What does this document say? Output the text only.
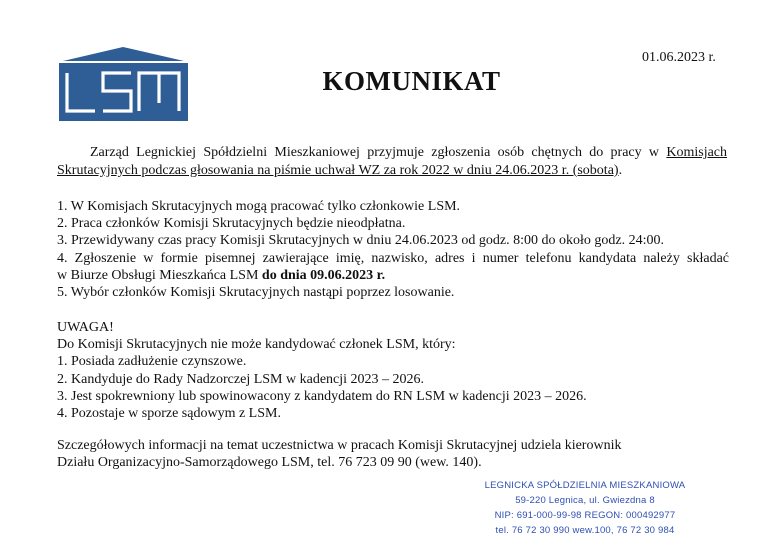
01.06.2023 r.
KOMUNIKAT
Zarząd Legnickiej Spółdzielni Mieszkaniowej przyjmuje zgłoszenia osób chętnych do pracy w Komisjach Skrutacyjnych podczas głosowania na piśmie uchwał WZ za rok 2022 w dniu 24.06.2023 r. (sobota).
1. W Komisjach Skrutacyjnych mogą pracować tylko członkowie LSM.
2. Praca członków Komisji Skrutacyjnych będzie nieodpłatna.
3. Przewidywany czas pracy Komisji Skrutacyjnych w dniu 24.06.2023 od godz. 8:00 do około godz. 24:00.
4. Zgłoszenie w formie pisemnej zawierające imię, nazwisko, adres i numer telefonu kandydata należy składać
w Biurze Obsługi Mieszkańca LSM do dnia 09.06.2023 r.
5. Wybór członków Komisji Skrutacyjnych nastąpi poprzez losowanie.
UWAGA!
Do Komisji Skrutacyjnych nie może kandydować członek LSM, który:
1. Posiada zadłużenie czynszowe.
2. Kandyduje do Rady Nadzorczej LSM w kadencji 2023 – 2026.
3. Jest spokrewniony lub spowinowacony z kandydatem do RN LSM w kadencji 2023 – 2026.
4. Pozostaje w sporze sądowym z LSM.
Szczegółowych informacji na temat uczestnictwa w pracach Komisji Skrutacyjnej udziela kierownik
Działu Organizacyjno-Samorządowego LSM, tel. 76 723 09 90 (wew. 140).
LEGNICKA SPÓŁDZIELNIA MIESZKANIOWA
59-220 Legnica, ul. Gwiezdna 8
NIP: 691-000-99-98 REGON: 000492977
tel. 76 72 30 990 wew.100, 76 72 30 984
